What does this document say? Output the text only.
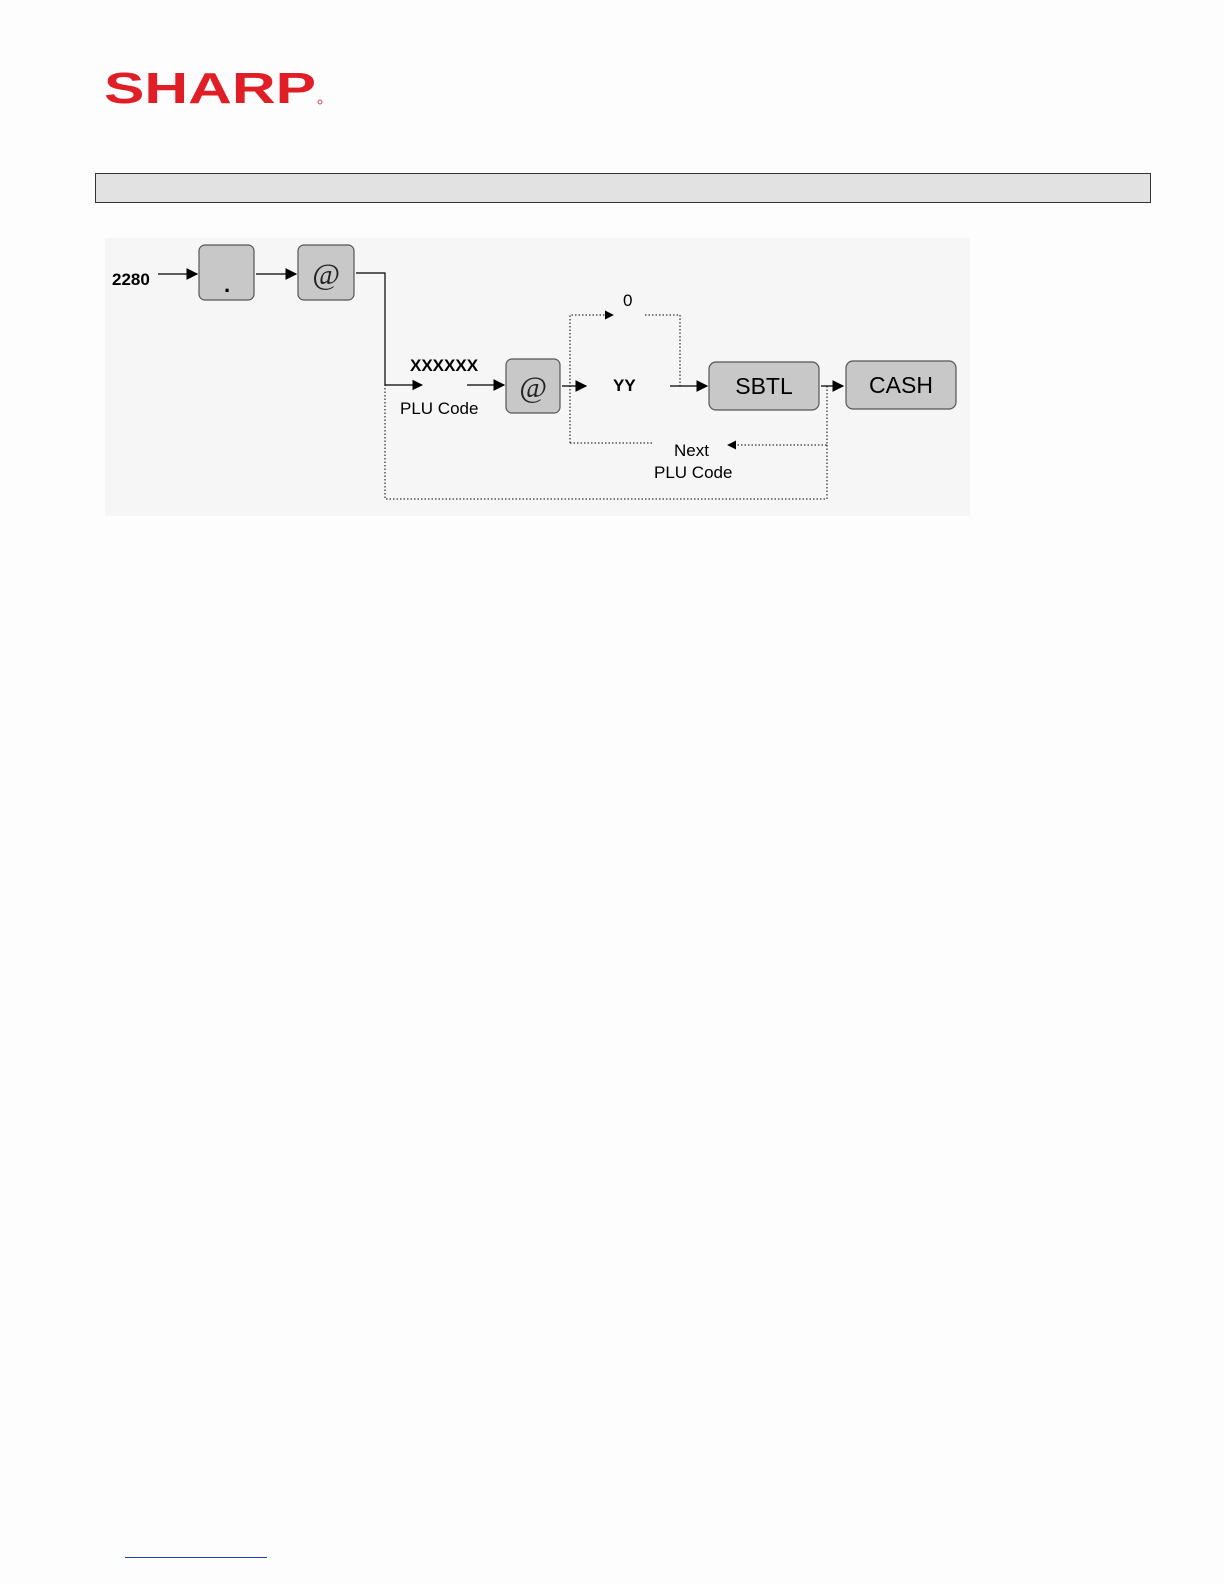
SHARP
2280	.	@
XXXXXX
PLU Code
@
0
YY	SBTL	CASH
Next
PLU Code
